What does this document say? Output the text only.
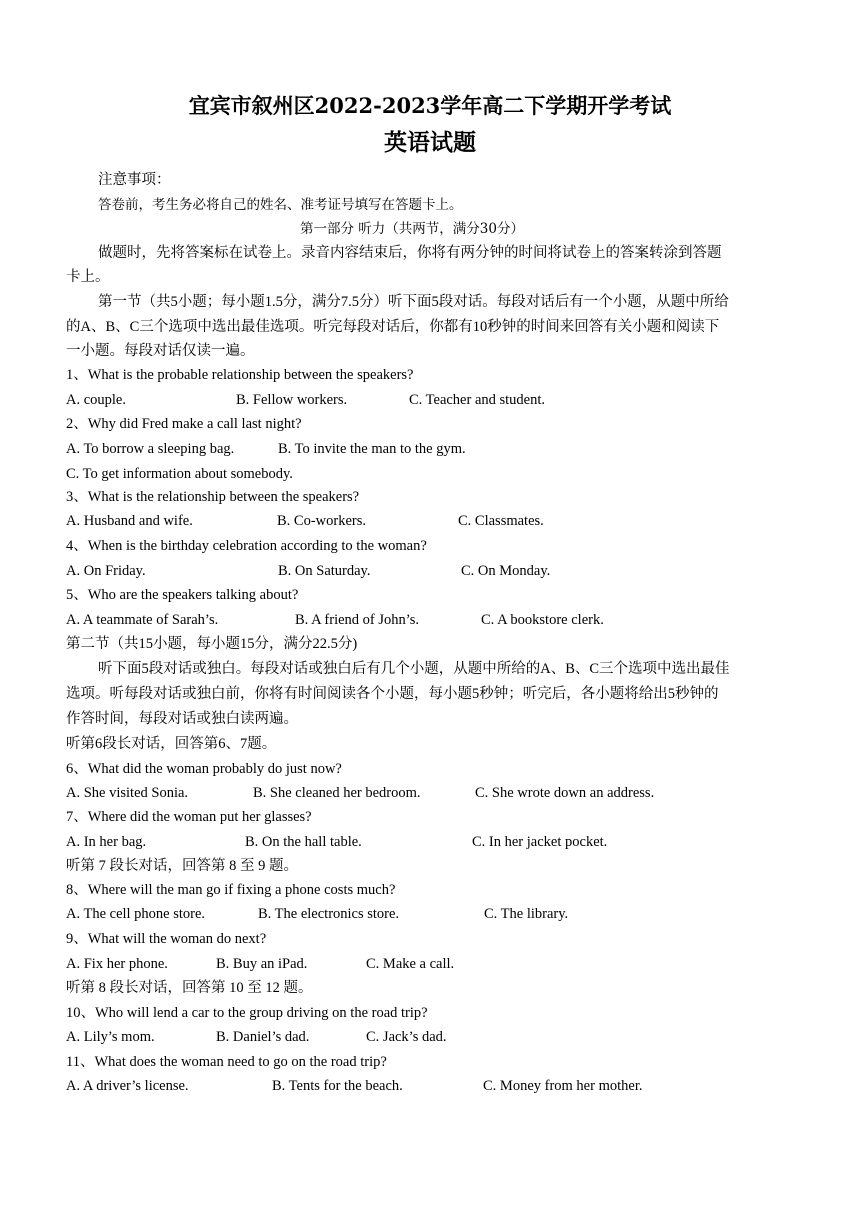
宜宾市叙州区2022-2023学年高二下学期开学考试
英语试题
注意事项：
答卷前，考生务必将自己的姓名、准考证号填写在答题卡上。
第一部分 听力（共两节，满分30分）
做题时，先将答案标在试卷上。录音内容结束后，你将有两分钟的时间将试卷上的答案转涂到答题
卡上。
第一节（共5小题；每小题1.5分，满分7.5分）听下面5段对话。每段对话后有一个小题，从题中所给
的A、B、C三个选项中选出最佳选项。听完每段对话后，你都有10秒钟的时间来回答有关小题和阅读下
一小题。每段对话仅读一遍。
1、What is the probable relationship between the speakers?
A. couple.	B. Fellow workers.	C. Teacher and student.
2、Why did Fred make a call last night?
A. To borrow a sleeping bag.	B. To invite the man to the gym.
C. To get information about somebody.
3、What is the relationship between the speakers?
A. Husband and wife.	B. Co-workers.	C. Classmates.
4、When is the birthday celebration according to the woman?
A. On Friday.	B. On Saturday.	C. On Monday.
5、Who are the speakers talking about?
A. A teammate of Sarah’s.	B. A friend of John’s.	C. A bookstore clerk.
第二节（共15小题，每小题15分，满分22.5分)
听下面5段对话或独白。每段对话或独白后有几个小题，从题中所给的A、B、C三个选项中选出最佳
选项。听每段对话或独白前，你将有时间阅读各个小题，每小题5秒钟；听完后，各小题将给出5秒钟的
作答时间，每段对话或独白读两遍。
听第6段长对话，回答第6、7题。
6、What did the woman probably do just now?
A. She visited Sonia.	B. She cleaned her bedroom.	C. She wrote down an address.
7、Where did the woman put her glasses?
A. In her bag.	B. On the hall table.	C. In her jacket pocket.
听第 7 段长对话，回答第 8 至 9 题。
8、Where will the man go if fixing a phone costs much?
A. The cell phone store.	B. The electronics store.	C. The library.
9、What will the woman do next?
A. Fix her phone.	B. Buy an iPad.	C. Make a call.
听第 8 段长对话，回答第 10 至 12 题。
10、Who will lend a car to the group driving on the road trip?
A. Lily’s mom.	B. Daniel’s dad.	C. Jack’s dad.
11、What does the woman need to go on the road trip?
A. A driver’s license.	B. Tents for the beach.	C. Money from her mother.
